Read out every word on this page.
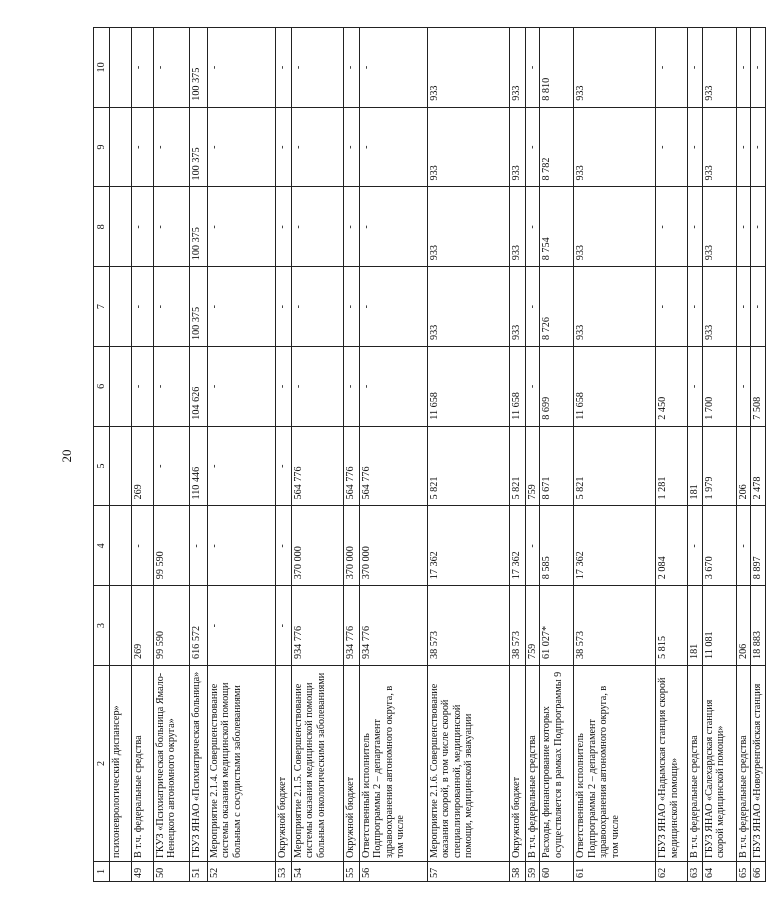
20
1	2	3	4	5	6	7	8	9	10
	психоневрологический диспансер»								
49	В т.ч. федеральные средства	269	-	269	-	-	-	-	-
50	ГКУЗ «Психиатрическая больница Ямало-Ненецкого автономного округа»	99 590	99 590	-	-	-	-	-	-
51	ГБУЗ ЯНАО «Психиатрическая больница»	616 572	-	110 446	104 626	100 375	100 375	100 375	100 375
52	Мероприятие 2.1.4. Совершенствование системы оказания медицинской помощи больным с сосудистыми заболеваниями	-	-	-	-	-	-	-	-
53	Окружной бюджет	-	-	-	-	-	-	-	-
54	Мероприятие 2.1.5. Совершенствование системы оказания медицинской помощи больным онкологическими заболеваниями	934 776	370 000	564 776	-	-	-	-	-
55	Окружной бюджет	934 776	370 000	564 776	-	-	-	-	-
56	Ответственный исполнитель Подпрограммы 2 – департамент здравоохранения автономного округа, в том числе	934 776	370 000	564 776	-	-	-	-	-
57	Мероприятие 2.1.6. Совершенствование оказания скорой, в том числе скорой специализированной, медицинской помощи, медицинской эвакуации	38 573	17 362	5 821	11 658	933	933	933	933
58	Окружной бюджет	38 573	17 362	5 821	11 658	933	933	933	933
59	В т.ч. федеральные средства	759	-	759	-	-	-	-	-
60	Расходы, финансирование которых осуществляется в рамках Подпрограммы 9	61 027*	8 585	8 671	8 699	8 726	8 754	8 782	8 810
61	Ответственный исполнитель Подпрограммы 2 – департамент здравоохранения автономного округа, в том числе	38 573	17 362	5 821	11 658	933	933	933	933
62	ГБУЗ ЯНАО «Надымская станция скорой медицинской помощи»	5 815	2 084	1 281	2 450	-	-	-	-
63	В т.ч. федеральные средства	181	-	181	-	-	-	-	-
64	ГБУЗ ЯНАО «Салехардская станция скорой медицинской помощи»	11 081	3 670	1 979	1 700	933	933	933	933
65	В т.ч. федеральные средства	206	-	206	-	-	-	-	-
66	ГБУЗ ЯНАО «Новоуренгойская станция	18 883	8 897	2 478	7 508	-	-	-	-
